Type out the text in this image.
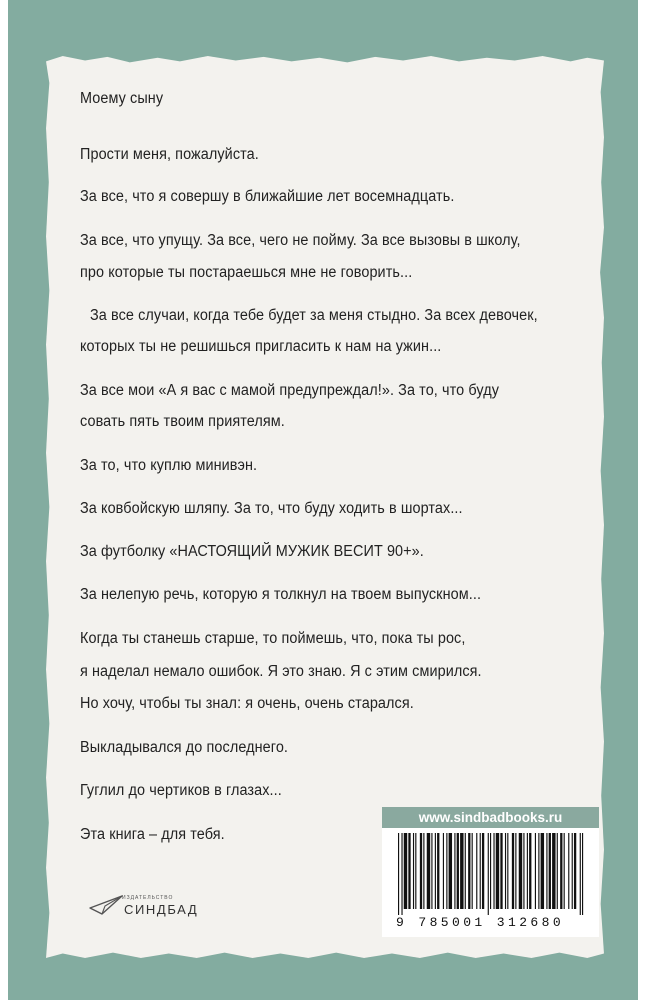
Моему сыну
Прости меня, пожалуйста.
За все, что я совершу в ближайшие лет восемнадцать.
За все, что упущу. За все, чего не пойму. За все вызовы в школу,
про которые ты постараешься мне не говорить...
За все случаи, когда тебе будет за меня стыдно. За всех девочек,
которых ты не решишься пригласить к нам на ужин...
За все мои «А я вас с мамой предупреждал!». За то, что буду
совать пять твоим приятелям.
За то, что куплю минивэн.
За ковбойскую шляпу. За то, что буду ходить в шортах...
За футболку «НАСТОЯЩИЙ МУЖИК ВЕСИТ 90+».
За нелепую речь, которую я толкнул на твоем выпускном...
Когда ты станешь старше, то поймешь, что, пока ты рос,
я наделал немало ошибок. Я это знаю. Я с этим смирился.
Но хочу, чтобы ты знал: я очень, очень старался.
Выкладывался до последнего.
Гуглил до чертиков в глазах...
Эта книга – для тебя.
ИЗДАТЕЛЬСТВО
СИНДБАД
www.sindbadbooks.ru
9 785001 312680
